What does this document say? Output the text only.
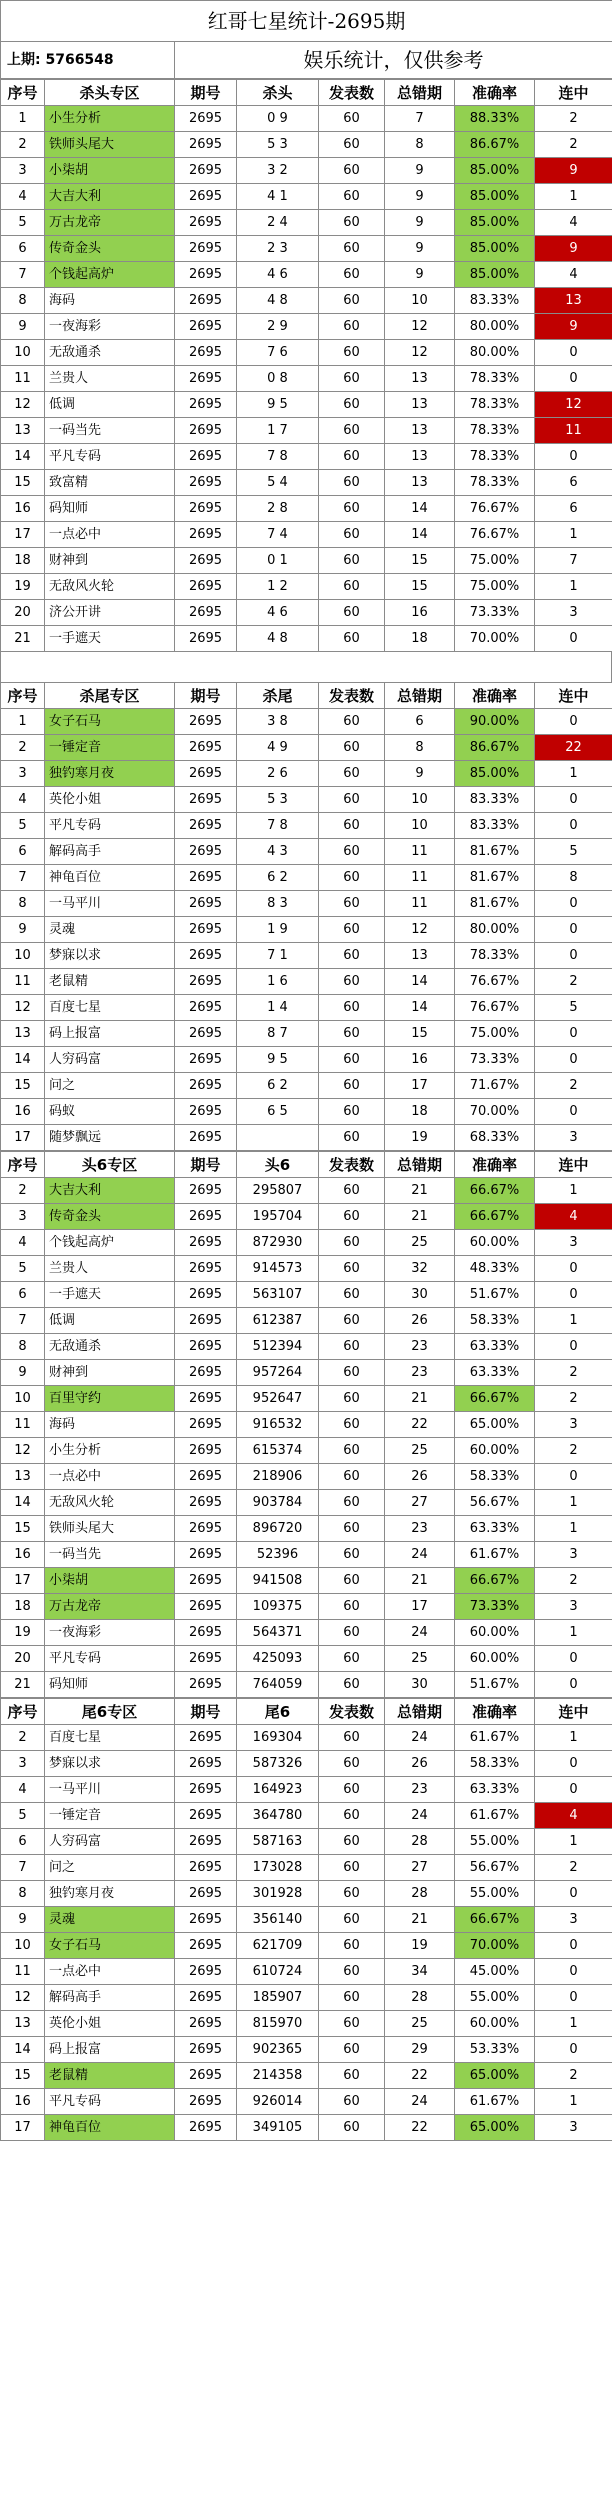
红哥七星统计-2695期
上期: 5766548	娱乐统计，仅供参考
序号	杀头专区	期号	杀头	发表数	总错期	准确率	连中
1	小生分析	2695	0 9	60	7	88.33%	2
2	铁师头尾大	2695	5 3	60	8	86.67%	2
3	小柒胡	2695	3 2	60	9	85.00%	9
4	大吉大利	2695	4 1	60	9	85.00%	1
5	万古龙帝	2695	2 4	60	9	85.00%	4
6	传奇金头	2695	2 3	60	9	85.00%	9
7	个钱起高炉	2695	4 6	60	9	85.00%	4
8	海码	2695	4 8	60	10	83.33%	13
9	一夜海彩	2695	2 9	60	12	80.00%	9
10	无敌通杀	2695	7 6	60	12	80.00%	0
11	兰贵人	2695	0 8	60	13	78.33%	0
12	低调	2695	9 5	60	13	78.33%	12
13	一码当先	2695	1 7	60	13	78.33%	11
14	平凡专码	2695	7 8	60	13	78.33%	0
15	致富精	2695	5 4	60	13	78.33%	6
16	码知师	2695	2 8	60	14	76.67%	6
17	一点必中	2695	7 4	60	14	76.67%	1
18	财神到	2695	0 1	60	15	75.00%	7
19	无敌风火轮	2695	1 2	60	15	75.00%	1
20	济公开讲	2695	4 6	60	16	73.33%	3
21	一手遮天	2695	4 8	60	18	70.00%	0
序号	杀尾专区	期号	杀尾	发表数	总错期	准确率	连中
1	女子石马	2695	3 8	60	6	90.00%	0
2	一锤定音	2695	4 9	60	8	86.67%	22
3	独钓寒月夜	2695	2 6	60	9	85.00%	1
4	英伦小姐	2695	5 3	60	10	83.33%	0
5	平凡专码	2695	7 8	60	10	83.33%	0
6	解码高手	2695	4 3	60	11	81.67%	5
7	神龟百位	2695	6 2	60	11	81.67%	8
8	一马平川	2695	8 3	60	11	81.67%	0
9	灵魂	2695	1 9	60	12	80.00%	0
10	梦寐以求	2695	7 1	60	13	78.33%	0
11	老鼠精	2695	1 6	60	14	76.67%	2
12	百度七星	2695	1 4	60	14	76.67%	5
13	码上报富	2695	8 7	60	15	75.00%	0
14	人穷码富	2695	9 5	60	16	73.33%	0
15	问之	2695	6 2	60	17	71.67%	2
16	码蚁	2695	6 5	60	18	70.00%	0
17	随梦飘远	2695		60	19	68.33%	3
序号	头6专区	期号	头6	发表数	总错期	准确率	连中
2	大吉大利	2695	295807	60	21	66.67%	1
3	传奇金头	2695	195704	60	21	66.67%	4
4	个钱起高炉	2695	872930	60	25	60.00%	3
5	兰贵人	2695	914573	60	32	48.33%	0
6	一手遮天	2695	563107	60	30	51.67%	0
7	低调	2695	612387	60	26	58.33%	1
8	无敌通杀	2695	512394	60	23	63.33%	0
9	财神到	2695	957264	60	23	63.33%	2
10	百里守约	2695	952647	60	21	66.67%	2
11	海码	2695	916532	60	22	65.00%	3
12	小生分析	2695	615374	60	25	60.00%	2
13	一点必中	2695	218906	60	26	58.33%	0
14	无敌风火轮	2695	903784	60	27	56.67%	1
15	铁师头尾大	2695	896720	60	23	63.33%	1
16	一码当先	2695	52396	60	24	61.67%	3
17	小柒胡	2695	941508	60	21	66.67%	2
18	万古龙帝	2695	109375	60	17	73.33%	3
19	一夜海彩	2695	564371	60	24	60.00%	1
20	平凡专码	2695	425093	60	25	60.00%	0
21	码知师	2695	764059	60	30	51.67%	0
序号	尾6专区	期号	尾6	发表数	总错期	准确率	连中
2	百度七星	2695	169304	60	24	61.67%	1
3	梦寐以求	2695	587326	60	26	58.33%	0
4	一马平川	2695	164923	60	23	63.33%	0
5	一锤定音	2695	364780	60	24	61.67%	4
6	人穷码富	2695	587163	60	28	55.00%	1
7	问之	2695	173028	60	27	56.67%	2
8	独钓寒月夜	2695	301928	60	28	55.00%	0
9	灵魂	2695	356140	60	21	66.67%	3
10	女子石马	2695	621709	60	19	70.00%	0
11	一点必中	2695	610724	60	34	45.00%	0
12	解码高手	2695	185907	60	28	55.00%	0
13	英伦小姐	2695	815970	60	25	60.00%	1
14	码上报富	2695	902365	60	29	53.33%	0
15	老鼠精	2695	214358	60	22	65.00%	2
16	平凡专码	2695	926014	60	24	61.67%	1
17	神龟百位	2695	349105	60	22	65.00%	3
